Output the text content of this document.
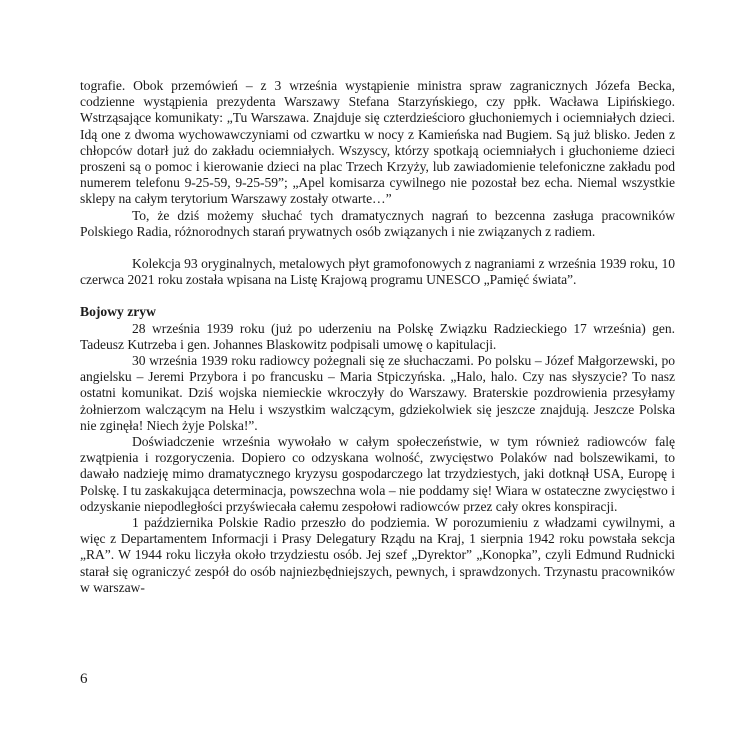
tografie. Obok przemówień – z 3 września wystąpienie ministra spraw zagranicznych Józefa Becka, codzienne wystąpienia prezydenta Warszawy Stefana Starzyńskiego, czy ppłk. Wacława Lipińskiego. Wstrząsające komunikaty: „Tu Warszawa. Znajduje się czterdzieścioro głuchoniemych i ociemniałych dzieci. Idą one z dwoma wychowawczyniami od czwartku w nocy z Kamieńska nad Bugiem. Są już blisko. Jeden z chłopców dotarł już do zakładu ociemniałych. Wszyscy, którzy spotkają ociemniałych i głuchonieme dzieci proszeni są o pomoc i kierowanie dzieci na plac Trzech Krzyży, lub zawiadomienie telefoniczne zakładu pod numerem telefonu 9-25-59, 9-25-59”; „Apel komisarza cywilnego nie pozostał bez echa. Niemal wszystkie sklepy na całym terytorium Warszawy zostały otwarte…”

To, że dziś możemy słuchać tych dramatycznych nagrań to bezcenna zasługa pracowników Polskiego Radia, różnorodnych starań prywatnych osób związanych i nie związanych z radiem.

Kolekcja 93 oryginalnych, metalowych płyt gramofonowych z nagraniami z września 1939 roku, 10 czerwca 2021 roku została wpisana na Listę Krajową programu UNESCO „Pamięć świata”.

Bojowy zryw

28 września 1939 roku (już po uderzeniu na Polskę Związku Radzieckiego 17 września) gen. Tadeusz Kutrzeba i gen. Johannes Blaskowitz podpisali umowę o kapitulacji.

30 września 1939 roku radiowcy pożegnali się ze słuchaczami. Po polsku – Józef Małgorzewski, po angielsku – Jeremi Przybora i po francusku – Maria Stpiczyńska. „Halo, halo. Czy nas słyszycie? To nasz ostatni komunikat. Dziś wojska niemieckie wkroczyły do Warszawy. Braterskie pozdrowienia przesyłamy żołnierzom walczącym na Helu i wszystkim walczącym, gdziekolwiek się jeszcze znajdują. Jeszcze Polska nie zginęła! Niech żyje Polska!”.

Doświadczenie września wywołało w całym społeczeństwie, w tym również radiowców falę zwątpienia i rozgoryczenia. Dopiero co odzyskana wolność, zwycięstwo Polaków nad bolszewikami, to dawało nadzieję mimo dramatycznego kryzysu gospodarczego lat trzydziestych, jaki dotknął USA, Europę i Polskę. I tu zaskakująca determinacja, powszechna wola – nie poddamy się! Wiara w ostateczne zwycięstwo i odzyskanie niepodległości przyświecała całemu zespołowi radiowców przez cały okres konspiracji.

1 października Polskie Radio przeszło do podziemia. W porozumieniu z władzami cywilnymi, a więc z Departamentem Informacji i Prasy Delegatury Rządu na Kraj, 1 sierpnia 1942 roku powstała sekcja „RA”. W 1944 roku liczyła około trzydziestu osób. Jej szef „Dyrektor” „Konopka”, czyli Edmund Rudnicki starał się ograniczyć zespół do osób najniezbędniejszych, pewnych, i sprawdzonych. Trzynastu pracowników w warszaw-

6
